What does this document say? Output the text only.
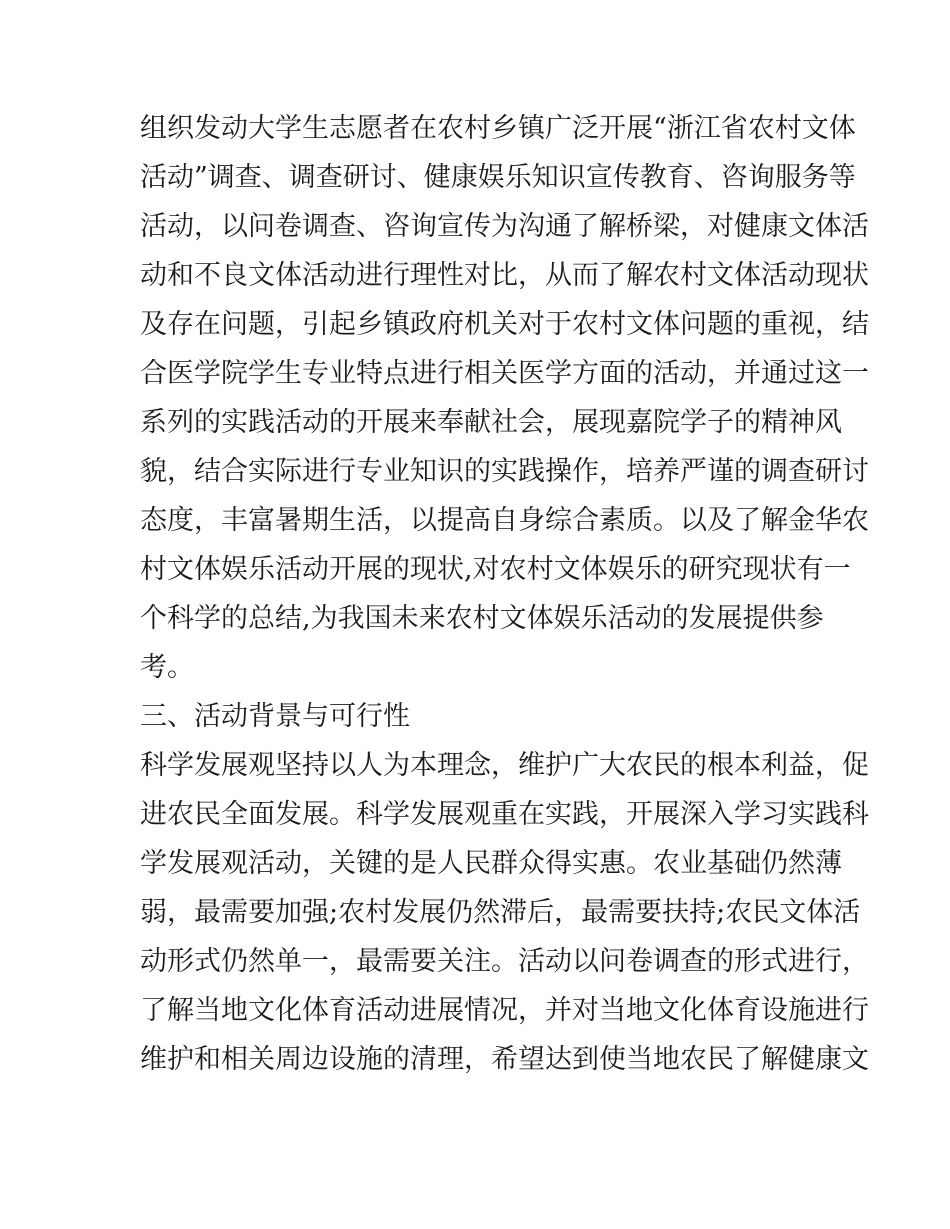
组织发动大学生志愿者在农村乡镇广泛开展“浙江省农村文体
活动”调查、调查研讨、健康娱乐知识宣传教育、咨询服务等
活动，以问卷调查、咨询宣传为沟通了解桥梁，对健康文体活
动和不良文体活动进行理性对比，从而了解农村文体活动现状
及存在问题，引起乡镇政府机关对于农村文体问题的重视，结
合医学院学生专业特点进行相关医学方面的活动，并通过这一
系列的实践活动的开展来奉献社会，展现嘉院学子的精神风
貌，结合实际进行专业知识的实践操作，培养严谨的调查研讨
态度，丰富暑期生活，以提高自身综合素质。以及了解金华农
村文体娱乐活动开展的现状,对农村文体娱乐的研究现状有一
个科学的总结,为我国未来农村文体娱乐活动的发展提供参
考。
三、活动背景与可行性
科学发展观坚持以人为本理念，维护广大农民的根本利益，促
进农民全面发展。科学发展观重在实践，开展深入学习实践科
学发展观活动，关键的是人民群众得实惠。农业基础仍然薄
弱，最需要加强;农村发展仍然滞后，最需要扶持;农民文体活
动形式仍然单一，最需要关注。活动以问卷调查的形式进行，
了解当地文化体育活动进展情况，并对当地文化体育设施进行
维护和相关周边设施的清理，希望达到使当地农民了解健康文
